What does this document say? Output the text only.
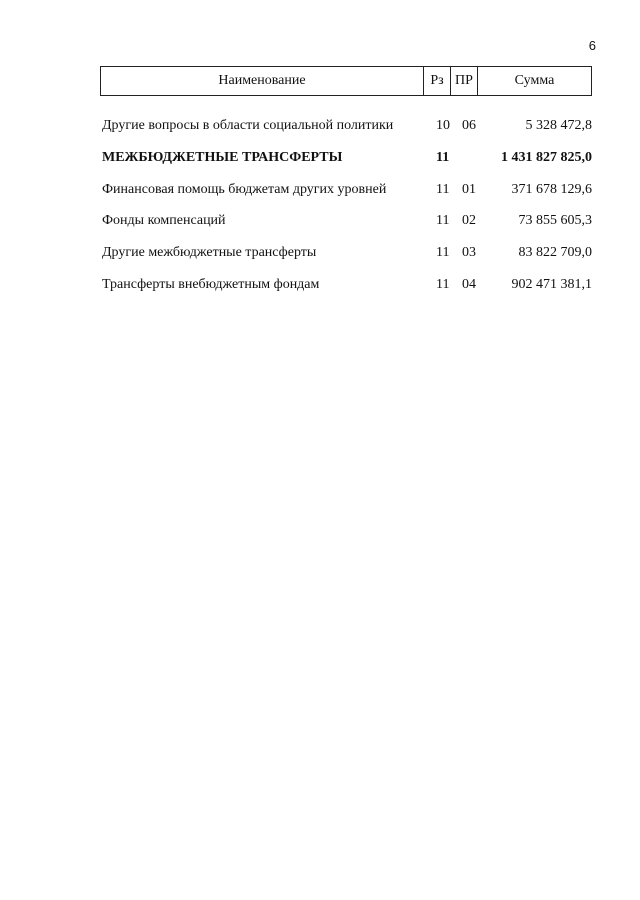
6
Наименование	Рз ПР	Сумма
Другие вопросы в области социальной политики	10 06	5 328 472,8
МЕЖБЮДЖЕТНЫЕ ТРАНСФЕРТЫ	11	1 431 827 825,0
Финансовая помощь бюджетам других уровней	11 01	371 678 129,6
Фонды компенсаций	11 02	73 855 605,3
Другие межбюджетные трансферты	11 03	83 822 709,0
Трансферты внебюджетным фондам	11 04	902 471 381,1
